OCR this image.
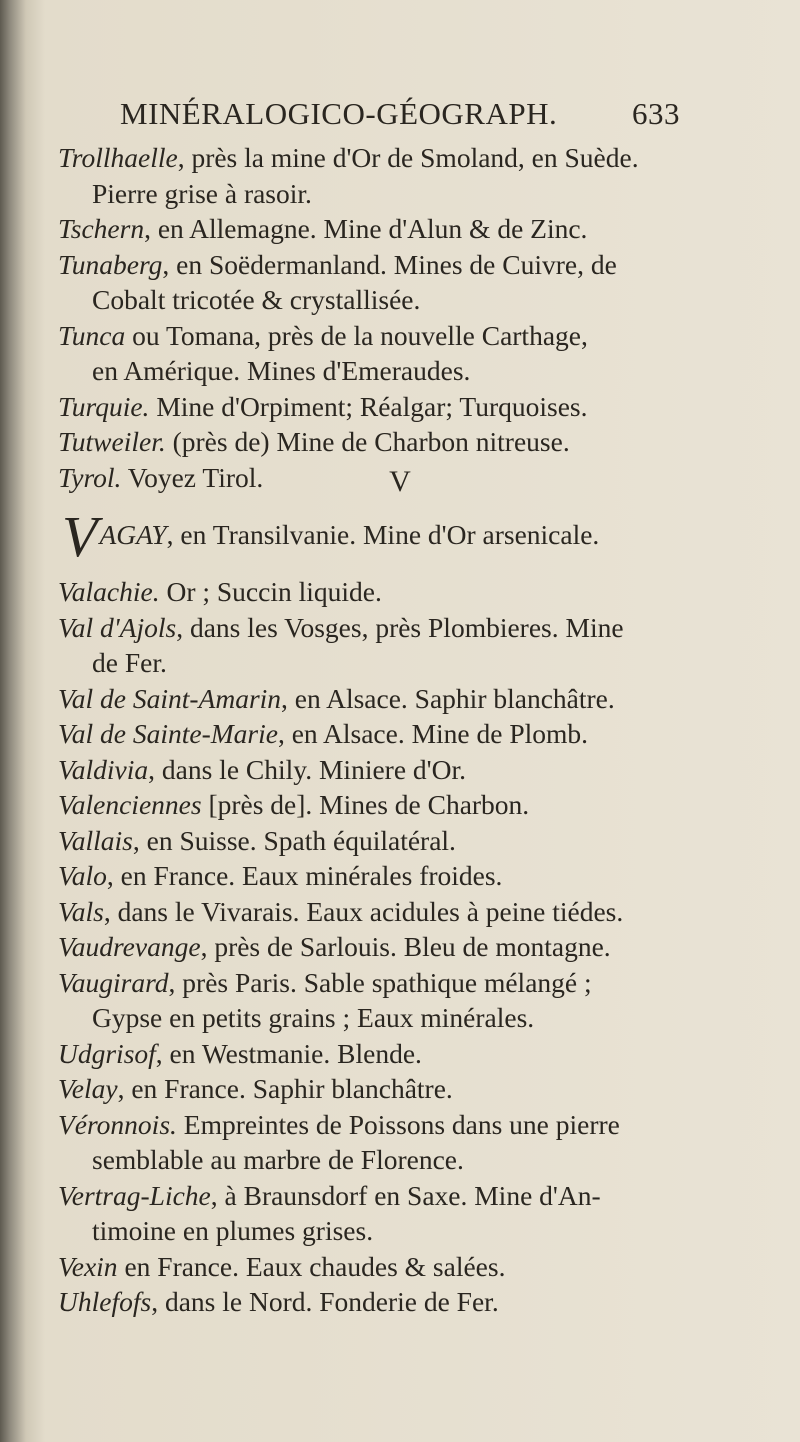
MINÉRALOGICO-GÉOGRAPH. 633
Trollhaelle, près la mine d'Or de Smoland, en Suède.
Pierre grise à rasoir.
Tschern, en Allemagne. Mine d'Alun & de Zinc.
Tunaberg, en Soëdermanland. Mines de Cuivre, de
Cobalt tricotée & crystallisée.
Tunca ou Tomana, près de la nouvelle Carthage,
en Amérique. Mines d'Emeraudes.
Turquie. Mine d'Orpiment; Réalgar; Turquoises.
Tutweiler. (près de) Mine de Charbon nitreuse.
Tyrol. Voyez Tirol.	V
VAGAY, en Transilvanie. Mine d'Or arsenicale.
Valachie. Or ; Succin liquide.
Val d'Ajols, dans les Vosges, près Plombieres. Mine
de Fer.
Val de Saint-Amarin, en Alsace. Saphir blanchâtre.
Val de Sainte-Marie, en Alsace. Mine de Plomb.
Valdivia, dans le Chily. Miniere d'Or.
Valenciennes [près de]. Mines de Charbon.
Vallais, en Suisse. Spath équilatéral.
Valo, en France. Eaux minérales froides.
Vals, dans le Vivarais. Eaux acidules à peine tiédes.
Vaudrevange, près de Sarlouis. Bleu de montagne.
Vaugirard, près Paris. Sable spathique mélangé ;
Gypse en petits grains ; Eaux minérales.
Udgrisof, en Westmanie. Blende.
Velay, en France. Saphir blanchâtre.
Véronnois. Empreintes de Poissons dans une pierre
semblable au marbre de Florence.
Vertrag-Liche, à Braunsdorf en Saxe. Mine d'An-
timoine en plumes grises.
Vexin en France. Eaux chaudes & salées.
Uhlefofs, dans le Nord. Fonderie de Fer.
